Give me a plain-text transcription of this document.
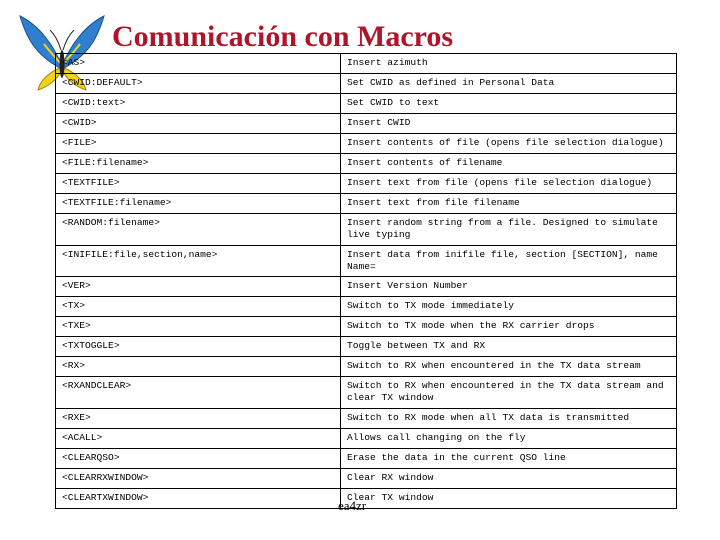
Comunicación con Macros
<AS>	Insert azimuth
<CWID:DEFAULT>	Set CWID as defined in Personal Data
<CWID:text>	Set CWID to text
<CWID>	Insert CWID
<FILE>	Insert contents of file (opens file selection dialogue)
<FILE:filename>	Insert contents of filename
<TEXTFILE>	Insert text from file (opens file selection dialogue)
<TEXTFILE:filename>	Insert text from file filename
<RANDOM:filename>	Insert random string from a file. Designed to simulate live typing
<INIFILE:file,section,name>	Insert data from inifile file, section [SECTION], name Name=
<VER>	Insert Version Number
<TX>	Switch to TX mode immediately
<TXE>	Switch to TX mode when the RX carrier drops
<TXTOGGLE>	Toggle between TX and RX
<RX>	Switch to RX when encountered in the TX data stream
<RXANDCLEAR>	Switch to RX when encountered in the TX data stream and clear TX window
<RXE>	Switch to RX mode when all TX data is transmitted
<ACALL>	Allows call changing on the fly
<CLEARQSO>	Erase the data in the current QSO line
<CLEARRXWINDOW>	Clear RX window
<CLEARTXWINDOW>	Clear TX window
ea4zr
